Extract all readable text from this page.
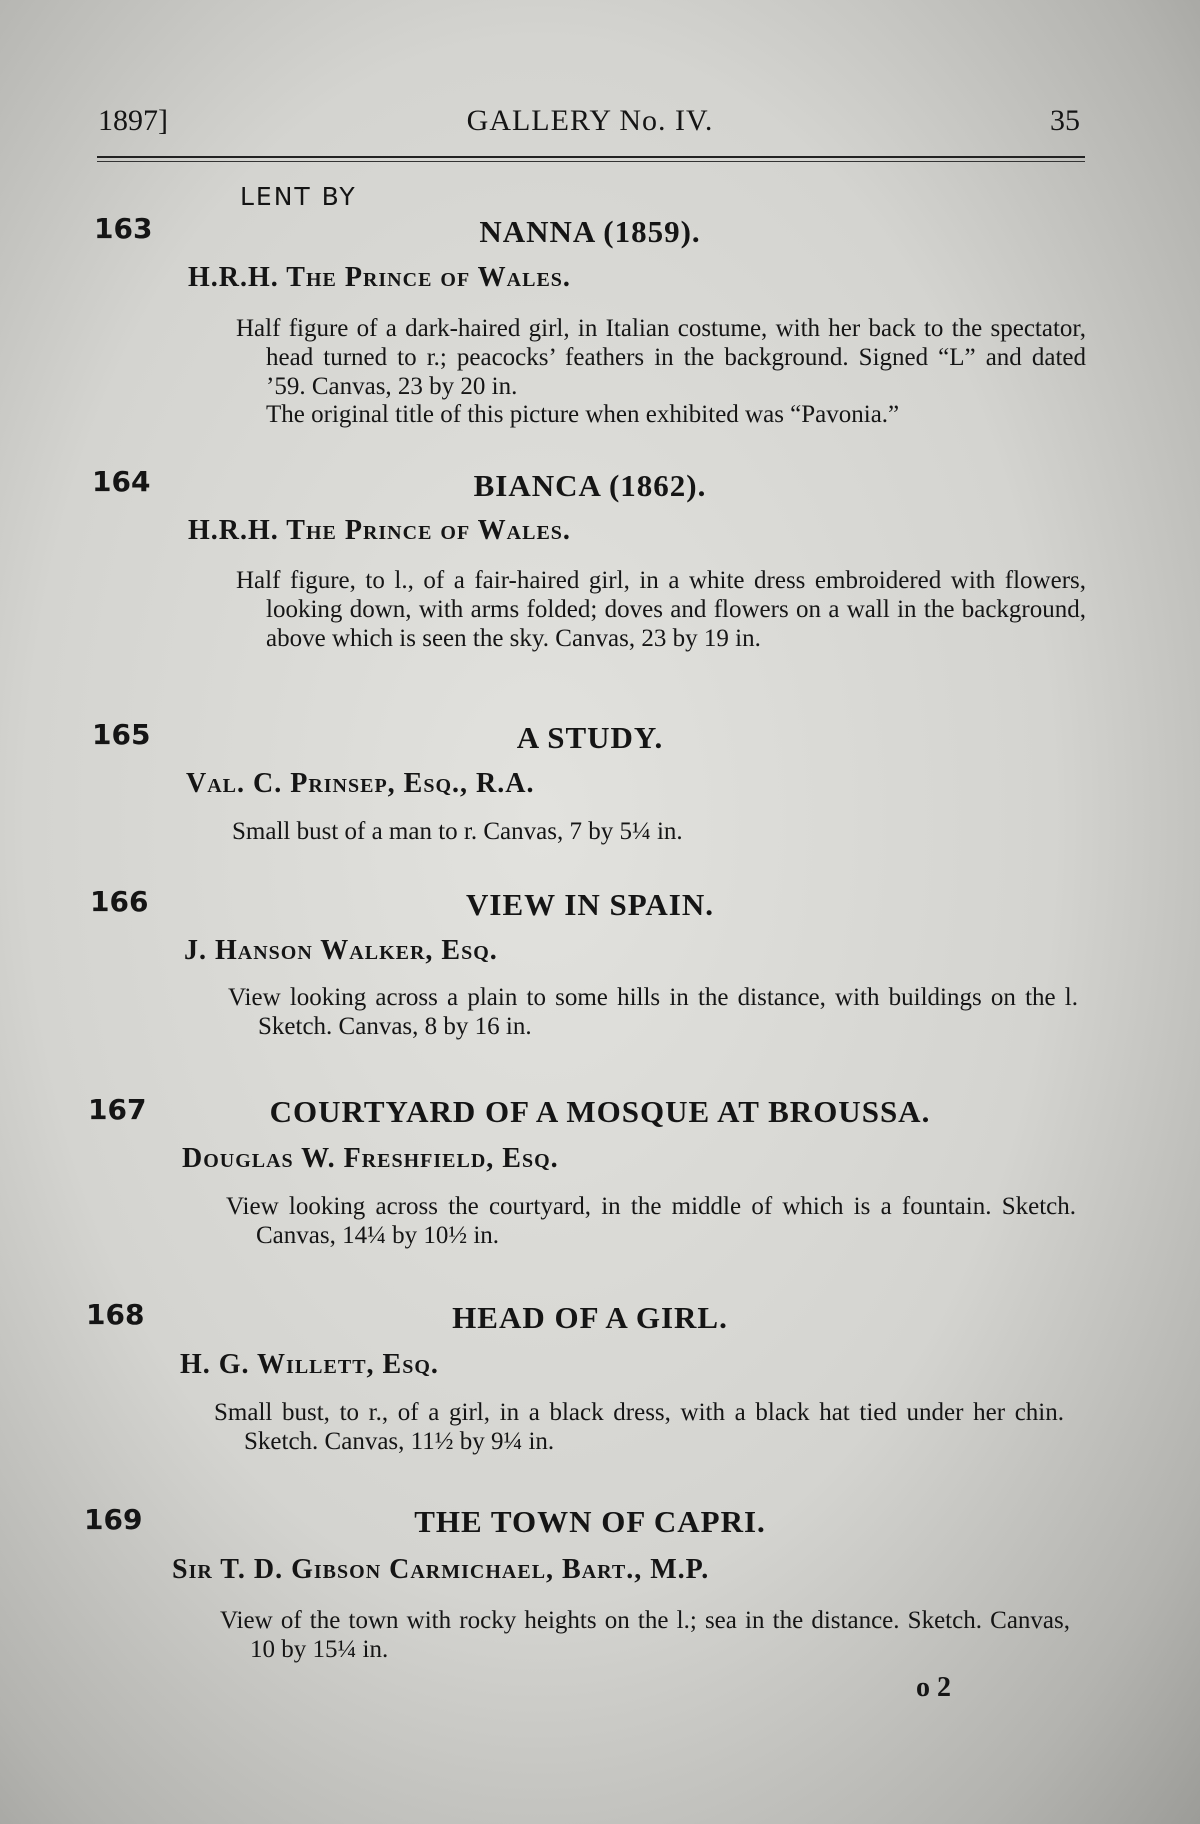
1897]	GALLERY No. IV.	35
LENT BY
163	NANNA (1859).
H.R.H. The Prince of Wales.
Half figure of a dark-haired girl, in Italian costume, with her back to the spectator, head turned to r.; peacocks’ feathers in the background. Signed “L” and dated ’59. Canvas, 23 by 20 in.
The original title of this picture when exhibited was “Pavonia.”
164	BIANCA (1862).
H.R.H. The Prince of Wales.
Half figure, to l., of a fair-haired girl, in a white dress embroidered with flowers, looking down, with arms folded; doves and flowers on a wall in the background, above which is seen the sky. Canvas, 23 by 19 in.
165	A STUDY.
Val. C. Prinsep, Esq., R.A.
Small bust of a man to r. Canvas, 7 by 5¼ in.
166	VIEW IN SPAIN.
J. Hanson Walker, Esq.
View looking across a plain to some hills in the distance, with buildings on the l. Sketch. Canvas, 8 by 16 in.
167	COURTYARD OF A MOSQUE AT BROUSSA.
Douglas W. Freshfield, Esq.
View looking across the courtyard, in the middle of which is a fountain. Sketch. Canvas, 14¼ by 10½ in.
168	HEAD OF A GIRL.
H. G. Willett, Esq.
Small bust, to r., of a girl, in a black dress, with a black hat tied under her chin. Sketch. Canvas, 11½ by 9¼ in.
169	THE TOWN OF CAPRI.
Sir T. D. Gibson Carmichael, Bart., M.P.
View of the town with rocky heights on the l.; sea in the distance. Sketch. Canvas, 10 by 15¼ in.
o 2
